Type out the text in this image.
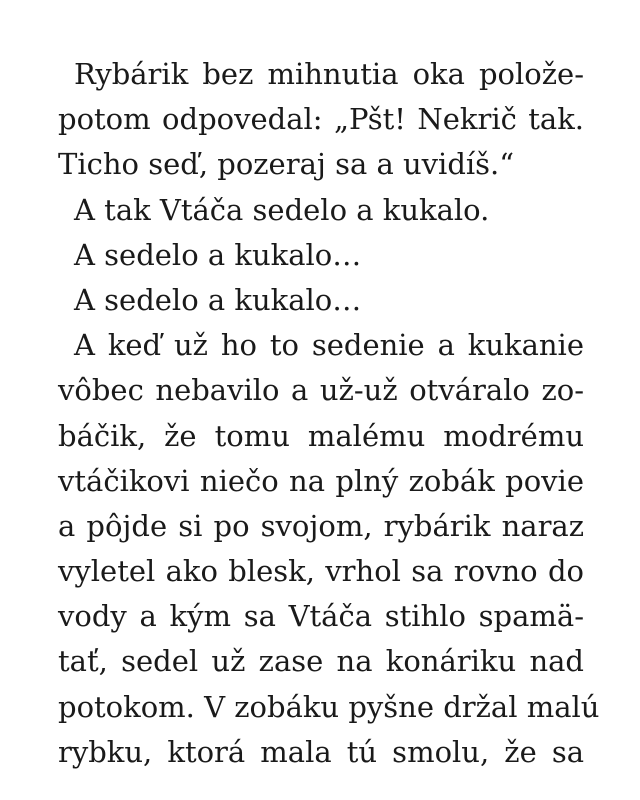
Rybárik bez mihnutia oka polože-
potom odpovedal: „Pšt! Nekrič tak.
Ticho seď, pozeraj sa a uvidíš.“
A tak Vtáča sedelo a kukalo.
A sedelo a kukalo…
A sedelo a kukalo…
A keď už ho to sedenie a kukanie
vôbec nebavilo a už-už otváralo zo-
báčik, že tomu malému modrému
vtáčikovi niečo na plný zobák povie
a pôjde si po svojom, rybárik naraz
vyletel ako blesk, vrhol sa rovno do
vody a kým sa Vtáča stihlo spamä-
tať, sedel už zase na konáriku nad
potokom. V zobáku pyšne držal malú
rybku, ktorá mala tú smolu, že sa
